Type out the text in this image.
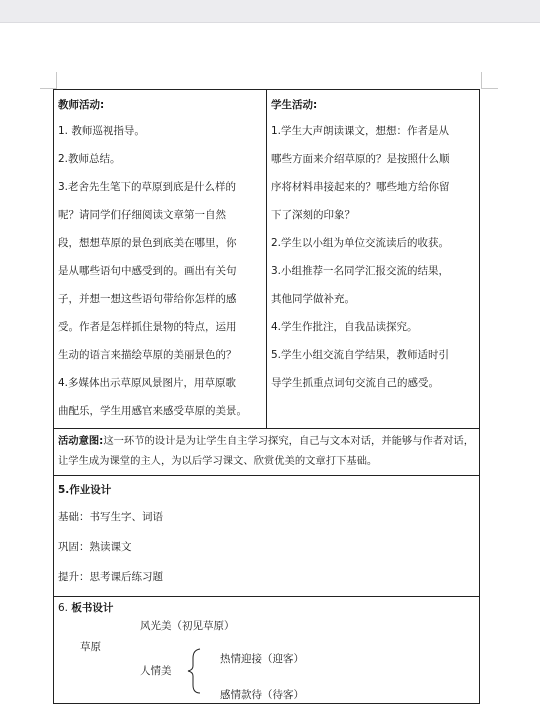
教师活动:
1. 教师巡视指导。
2.教师总结。
3.老舍先生笔下的草原到底是什么样的
呢？请同学们仔细阅读文章第一自然
段，想想草原的景色到底美在哪里，你
是从哪些语句中感受到的。画出有关句
子，并想一想这些语句带给你怎样的感
受。作者是怎样抓住景物的特点，运用
生动的语言来描绘草原的美丽景色的？
4.多媒体出示草原风景图片，用草原歌
曲配乐，学生用感官来感受草原的美景。

学生活动:
1.学生大声朗读课文，想想：作者是从
哪些方面来介绍草原的？是按照什么顺
序将材料串接起来的？哪些地方给你留
下了深刻的印象？
2.学生以小组为单位交流读后的收获。
3.小组推荐一名同学汇报交流的结果，
其他同学做补充。
4.学生作批注，自我品读探究。
5.学生小组交流自学结果，教师适时引
导学生抓重点词句交流自己的感受。

活动意图:这一环节的设计是为让学生自主学习探究，自己与文本对话，并能够与作者对话，让学生成为课堂的主人，为以后学习课文、欣赏优美的文章打下基础。

5.作业设计
基础：书写生字、词语
巩固：熟读课文
提升：思考课后练习题

6. 板书设计
风光美（初见草原）
草原
人情美
热情迎接（迎客）
感情款待（待客）
